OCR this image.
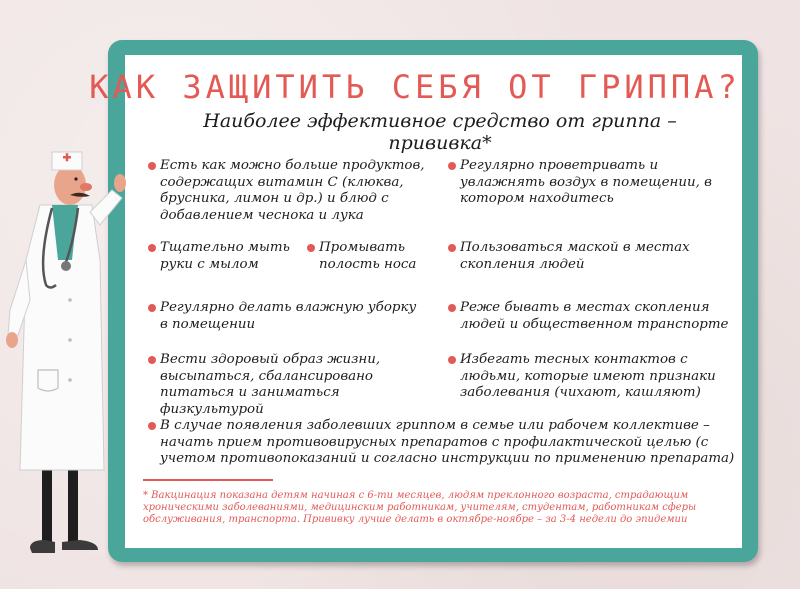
КАК ЗАЩИТИТЬ СЕБЯ ОТ ГРИППА?
Наиболее эффективное средство от гриппа – прививка*
Есть как можно больше продуктов, содержащих витамин С (клюква, брусника, лимон и др.) и блюд с добавлением чеснока и лука
Регулярно проветривать и увлажнять воздух в помещении, в котором находитесь
Тщательно мыть руки с мылом
Промывать полость носа
Пользоваться маской в местах скопления людей
Регулярно делать влажную уборку в помещении
Реже бывать в местах скопления людей и общественном транспорте
Вести здоровый образ жизни, высыпаться, сбалансировано питаться и заниматься физкультурой
Избегать тесных контактов с людьми, которые имеют признаки заболевания (чихают, кашляют)
В случае появления заболевших гриппом в семье или рабочем коллективе – начать прием противовирусных препаратов с профилактической целью (с учетом противопоказаний и согласно инструкции по применению препарата)
* Вакцинация показана детям начиная с 6-ти месяцев, людям преклонного возраста, страдающим хроническими заболеваниями, медицинским работникам, учителям, студентам, работникам сферы обслуживания, транспорта. Прививку лучше делать в октябре-ноябре – за 3-4 недели до эпидемии
